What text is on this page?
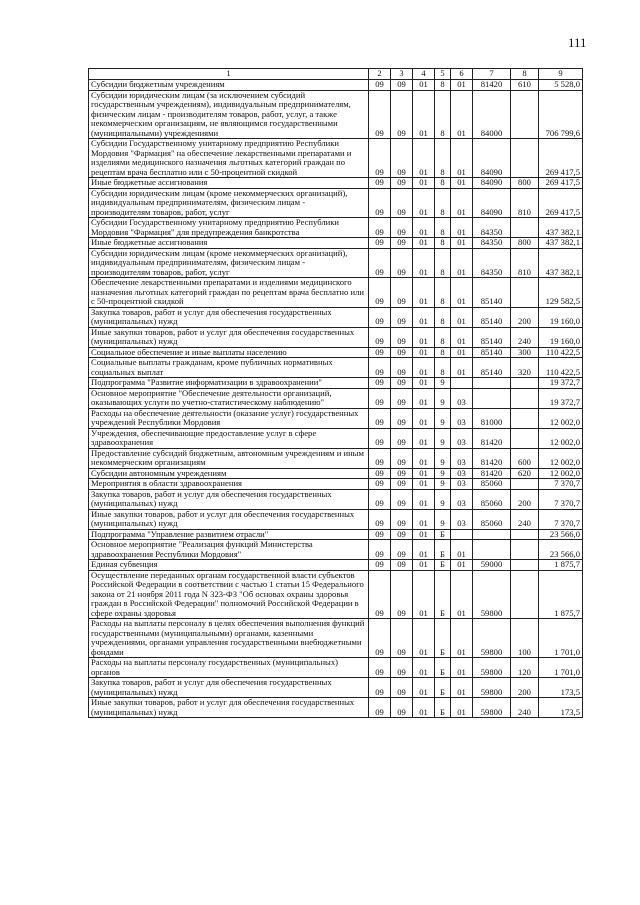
111
1	2	3	4	5	6	7	8	9
Субсидии бюджетным учреждениям	09	09	01	8	01	81420	610	5 528,0
Субсидии юридическим лицам (за исключением субсидий государственным учреждениям), индивидуальным предпринимателям, физическим лицам - производителям товаров, работ, услуг, а также некоммерческим организациям, не являющимся государственными (муниципальными) учреждениями	09	09	01	8	01	84000		706 799,6
Субсидии Государственному унитарному предприятию Республики Мордовия "Фармация" на обеспечение лекарственными препаратами и изделиями медицинского назначения льготных категорий граждан по рецептам врача бесплатно или с 50-процентной скидкой	09	09	01	8	01	84090		269 417,5
Иные бюджетные ассигнования	09	09	01	8	01	84090	800	269 417,5
Субсидии юридическим лицам (кроме некоммерческих организаций), индивидуальным предпринимателям, физическим лицам - производителям товаров, работ, услуг	09	09	01	8	01	84090	810	269 417,5
Субсидии Государственному унитарному предприятию Республики Мордовия "Фармация" для предупреждения банкротства	09	09	01	8	01	84350		437 382,1
Иные бюджетные ассигнования	09	09	01	8	01	84350	800	437 382,1
Субсидии юридическим лицам (кроме некоммерческих организаций), индивидуальным предпринимателям, физическим лицам - производителям товаров, работ, услуг	09	09	01	8	01	84350	810	437 382,1
Обеспечение лекарственными препаратами и изделиями медицинского назначения льготных категорий граждан по рецептам врача бесплатно или с 50-процентной скидкой	09	09	01	8	01	85140		129 582,5
Закупка товаров, работ и услуг для обеспечения государственных (муниципальных) нужд	09	09	01	8	01	85140	200	19 160,0
Иные закупки товаров, работ и услуг для обеспечения государственных (муниципальных) нужд	09	09	01	8	01	85140	240	19 160,0
Социальное обеспечение и иные выплаты населению	09	09	01	8	01	85140	300	110 422,5
Социальные выплаты гражданам, кроме публичных нормативных социальных выплат	09	09	01	8	01	85140	320	110 422,5
Подпрограмма "Развитие информатизации в здравоохранении"	09	09	01	9				19 372,7
Основное мероприятие "Обеспечение деятельности организаций, оказывающих услуги по учетно-статистическому наблюдению"	09	09	01	9	03			19 372,7
Расходы на обеспечение деятельности (оказание услуг) государственных учреждений Республики Мордовия	09	09	01	9	03	81000		12 002,0
Учреждения, обеспечивающие предоставление услуг в сфере здравоохранения	09	09	01	9	03	81420		12 002,0
Предоставление субсидий бюджетным, автономным учреждениям и иным некоммерческим организациям	09	09	01	9	03	81420	600	12 002,0
Субсидии автономным учреждениям	09	09	01	9	03	81420	620	12 002,0
Мероприятия в области здравоохранения	09	09	01	9	03	85060		7 370,7
Закупка товаров, работ и услуг для обеспечения государственных (муниципальных) нужд	09	09	01	9	03	85060	200	7 370,7
Иные закупки товаров, работ и услуг для обеспечения государственных (муниципальных) нужд	09	09	01	9	03	85060	240	7 370,7
Подпрограмма "Управление развитием отрасли"	09	09	01	Б				23 566,0
Основное мероприятие "Реализация функций Министерства здравоохранения Республики Мордовия"	09	09	01	Б	01			23 566,0
Единая субвенция	09	09	01	Б	01	59000		1 875,7
Осуществление переданных органам государственной власти субъектов Российской Федерации в соответствии с частью 1 статьи 15 Федерального закона от 21 ноября 2011 года N 323-ФЗ "Об основах охраны здоровья граждан в Российской Федерации" полномочий Российской Федерации в сфере охраны здоровья	09	09	01	Б	01	59800		1 875,7
Расходы на выплаты персоналу в целях обеспечения выполнения функций государственными (муниципальными) органами, казенными учреждениями, органами управления государственными внебюджетными фондами	09	09	01	Б	01	59800	100	1 701,0
Расходы на выплаты персоналу государственных (муниципальных) органов	09	09	01	Б	01	59800	120	1 701,0
Закупка товаров, работ и услуг для обеспечения государственных (муниципальных) нужд	09	09	01	Б	01	59800	200	173,5
Иные закупки товаров, работ и услуг для обеспечения государственных (муниципальных) нужд	09	09	01	Б	01	59800	240	173,5
